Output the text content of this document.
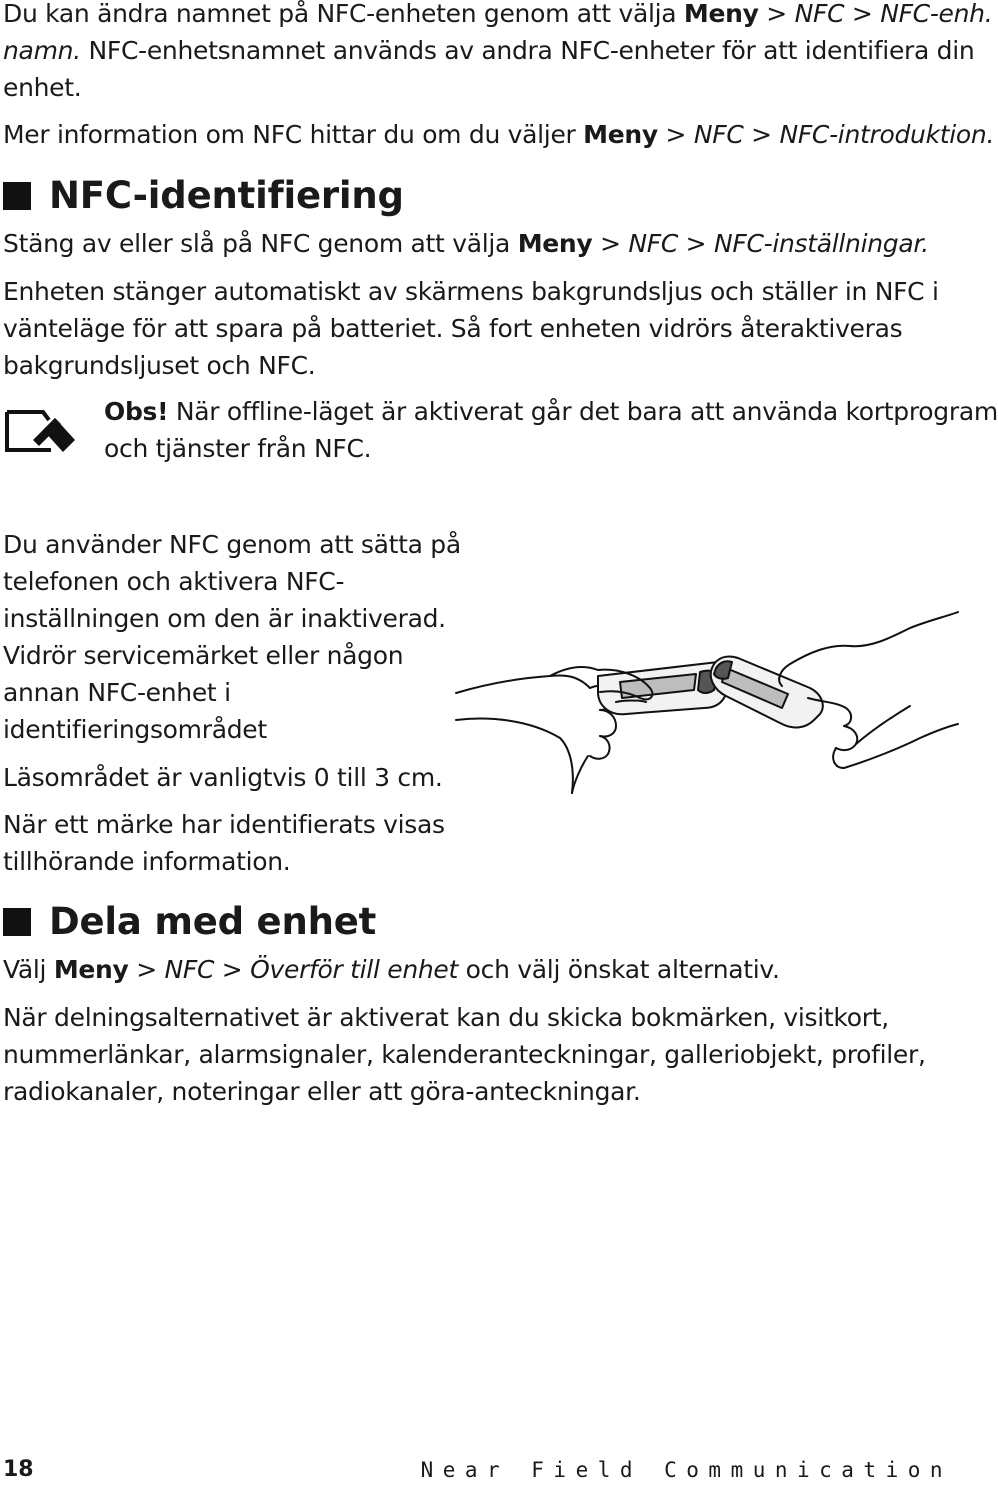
Du kan ändra namnet på NFC-enheten genom att välja Meny > NFC > NFC-enh.

namn. NFC-enhetsnamnet används av andra NFC-enheter för att identifiera din

enhet.

Mer information om NFC hittar du om du väljer Meny > NFC > NFC-introduktion.

NFC-identifiering

Stäng av eller slå på NFC genom att välja Meny > NFC > NFC-inställningar.

Enheten stänger automatiskt av skärmens bakgrundsljus och ställer in NFC i

vänteläge för att spara på batteriet. Så fort enheten vidrörs återaktiveras

bakgrundsljuset och NFC.

Obs! När offline-läget är aktiverat går det bara att använda kortprogram

och tjänster från NFC.

Du använder NFC genom att sätta på

telefonen och aktivera NFC-

inställningen om den är inaktiverad.

Vidrör servicemärket eller någon

annan NFC-enhet i

identifieringsområdet

Läsområdet är vanligtvis 0 till 3 cm.

När ett märke har identifierats visas

tillhörande information.

Dela med enhet

Välj Meny > NFC > Överför till enhet och välj önskat alternativ.

När delningsalternativet är aktiverat kan du skicka bokmärken, visitkort,

nummerlänkar, alarmsignaler, kalenderanteckningar, galleriobjekt, profiler,

radiokanaler, noteringar eller att göra-anteckningar.

18	Near Field Communication
